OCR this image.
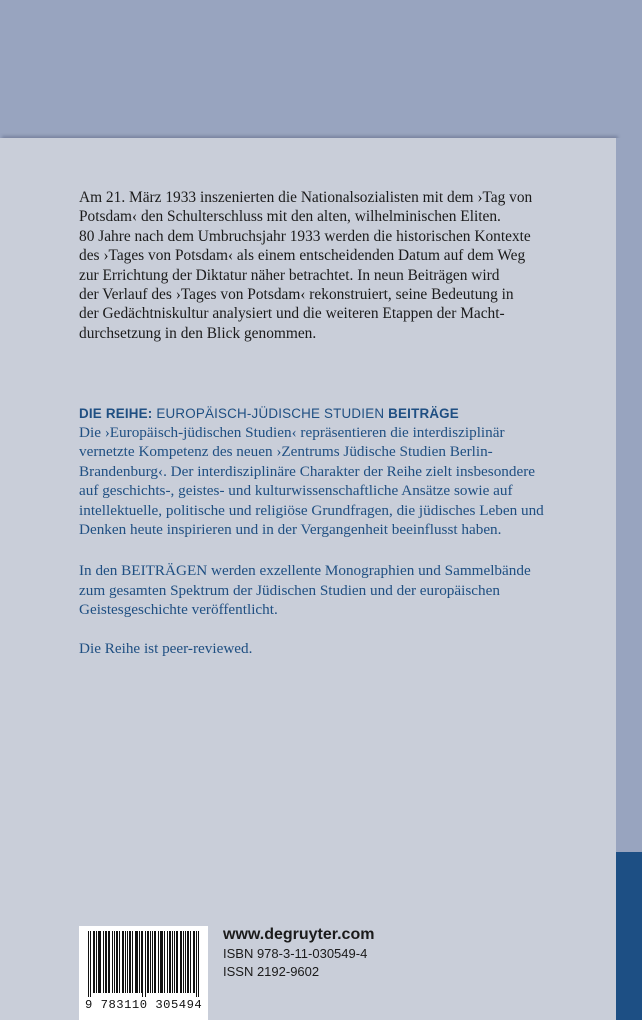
Am 21. März 1933 inszenierten die Nationalsozialisten mit dem ›Tag von
Potsdam‹ den Schulterschluss mit den alten, wilhelminischen Eliten.
80 Jahre nach dem Umbruchsjahr 1933 werden die historischen Kontexte
des ›Tages von Potsdam‹ als einem entscheidenden Datum auf dem Weg
zur Errichtung der Diktatur näher betrachtet. In neun Beiträgen wird
der Verlauf des ›Tages von Potsdam‹ rekonstruiert, seine Bedeutung in
der Gedächtniskultur analysiert und die weiteren Etappen der Macht-
durchsetzung in den Blick genommen.
DIE REIHE: EUROPÄISCH-JÜDISCHE STUDIEN BEITRÄGE

Die ›Europäisch-jüdischen Studien‹ repräsentieren die interdisziplinär
vernetzte Kompetenz des neuen ›Zentrums Jüdische Studien Berlin-
Brandenburg‹. Der interdisziplinäre Charakter der Reihe zielt insbesondere
auf geschichts-, geistes- und kulturwissenschaftliche Ansätze sowie auf
intellektuelle, politische und religiöse Grundfragen, die jüdisches Leben und
Denken heute inspirieren und in der Vergangenheit beeinflusst haben.

In den BEITRÄGEN werden exzellente Monographien und Sammelbände
zum gesamten Spektrum der Jüdischen Studien und der europäischen
Geistesgeschichte veröffentlicht.

Die Reihe ist peer-reviewed.

9 783110 305494
www.degruyter.com
ISBN 978-3-11-030549-4
ISSN 2192-9602
